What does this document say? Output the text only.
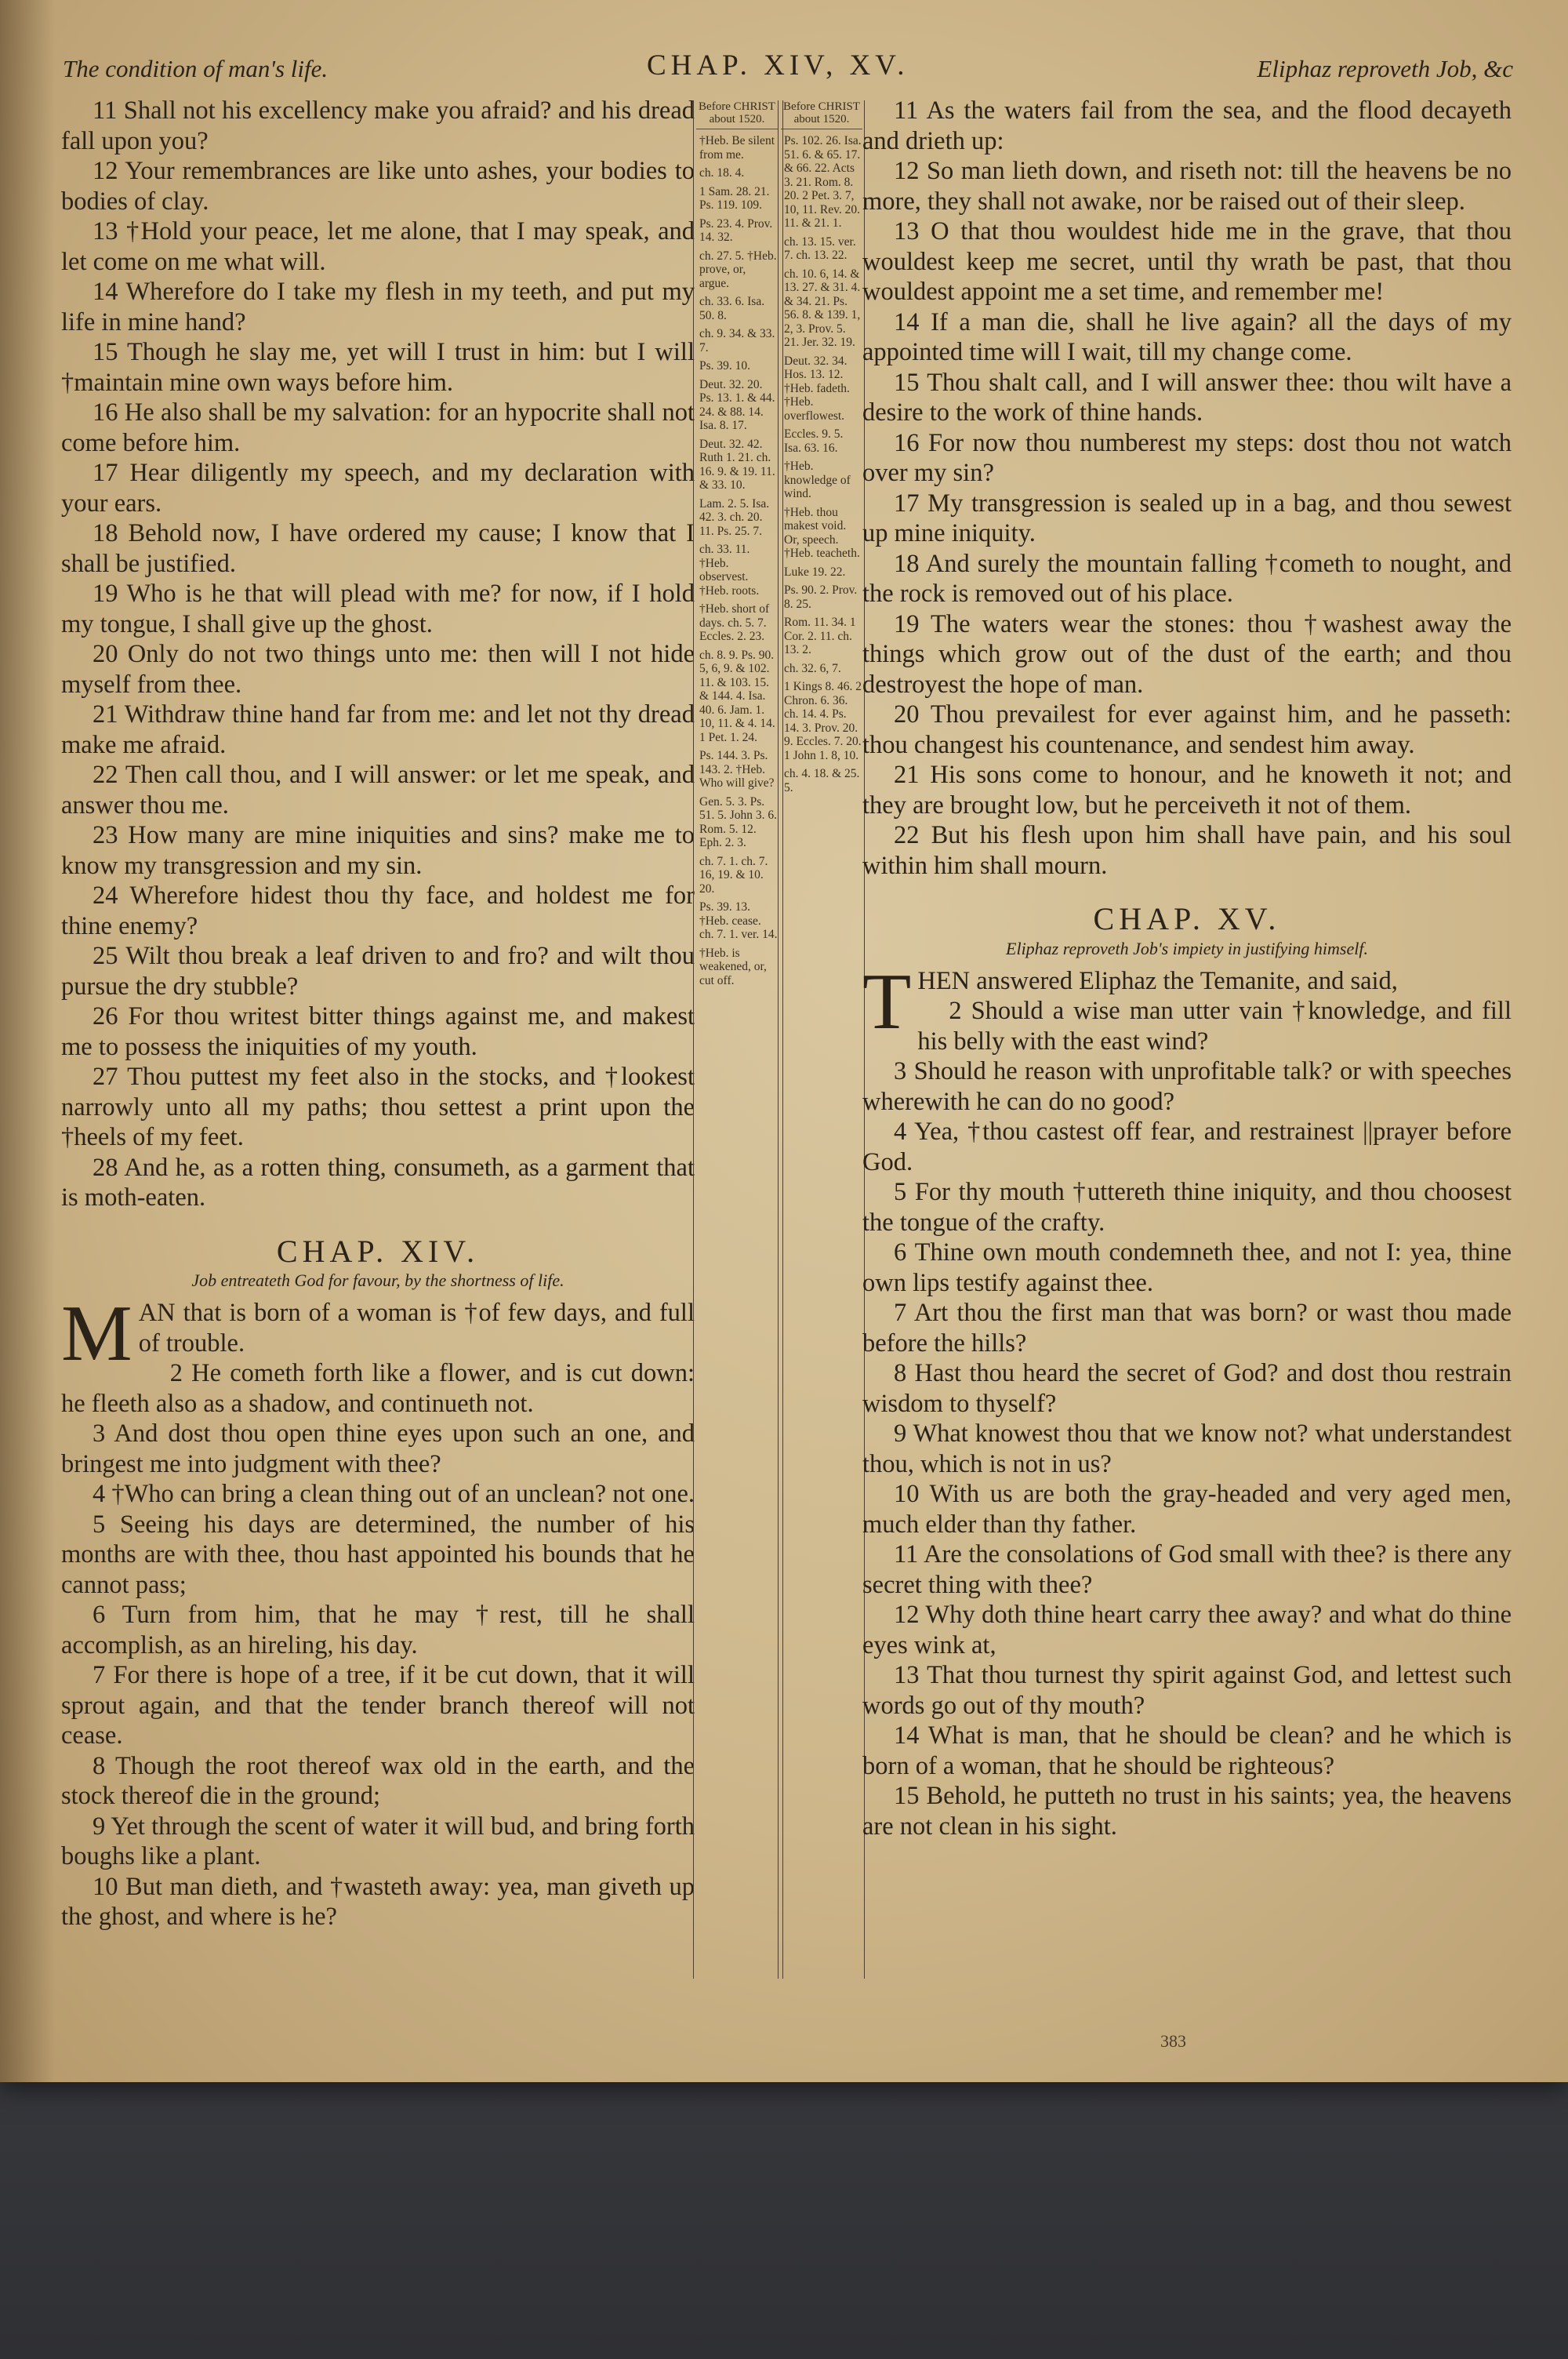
The condition of man's life.	CHAP. XIV, XV.	Eliphaz reproveth Job, &c

11 Shall not his excellency make you afraid? and his dread fall upon you?

12 Your remembrances are like unto ashes, your bodies to bodies of clay.

13 †Hold your peace, let me alone, that I may speak, and let come on me what will.

14 Wherefore do I take my flesh in my teeth, and put my life in mine hand?

15 Though he slay me, yet will I trust in him: but I will †maintain mine own ways before him.

16 He also shall be my salvation: for an hypocrite shall not come before him.

17 Hear diligently my speech, and my declaration with your ears.

18 Behold now, I have ordered my cause; I know that I shall be justified.

19 Who is he that will plead with me? for now, if I hold my tongue, I shall give up the ghost.

20 Only do not two things unto me: then will I not hide myself from thee.

21 Withdraw thine hand far from me: and let not thy dread make me afraid.

22 Then call thou, and I will answer: or let me speak, and answer thou me.

23 How many are mine iniquities and sins? make me to know my transgression and my sin.

24 Wherefore hidest thou thy face, and holdest me for thine enemy?

25 Wilt thou break a leaf driven to and fro? and wilt thou pursue the dry stubble?

26 For thou writest bitter things against me, and makest me to possess the iniquities of my youth.

27 Thou puttest my feet also in the stocks, and †lookest narrowly unto all my paths; thou settest a print upon the †heels of my feet.

28 And he, as a rotten thing, consumeth, as a garment that is moth-eaten.

CHAP. XIV.
Job entreateth God for favour, by the shortness of life.

M AN that is born of a woman is †of few days, and full of trouble.

2 He cometh forth like a flower, and is cut down: he fleeth also as a shadow, and continueth not.

3 And dost thou open thine eyes upon such an one, and bringest me into judgment with thee?

4 †Who can bring a clean thing out of an unclean? not one.

5 Seeing his days are determined, the number of his months are with thee, thou hast appointed his bounds that he cannot pass;

6 Turn from him, that he may †rest, till he shall accomplish, as an hireling, his day.

7 For there is hope of a tree, if it be cut down, that it will sprout again, and that the tender branch thereof will not cease.

8 Though the root thereof wax old in the earth, and the stock thereof die in the ground;

9 Yet through the scent of water it will bud, and bring forth boughs like a plant.

10 But man dieth, and †wasteth away: yea, man giveth up the ghost, and where is he?

Before CHRIST about 1520.
†Heb. Be silent from me.
ch. 18. 4.
1 Sam. 28. 21. Ps. 119. 109.
Ps. 23. 4. Prov. 14. 32.
ch. 27. 5. †Heb. prove, or, argue.
ch. 33. 6. Isa. 50. 8.
ch. 9. 34. & 33. 7.
Ps. 39. 10.
Deut. 32. 20. Ps. 13. 1. & 44. 24. & 88. 14. Isa. 8. 17.
Deut. 32. 42. Ruth 1. 21. ch. 16. 9. & 19. 11. & 33. 10.
Lam. 2. 5. Isa. 42. 3. ch. 20. 11. Ps. 25. 7.
ch. 33. 11. †Heb. observest. †Heb. roots.
†Heb. short of days. ch. 5. 7. Eccles. 2. 23.
ch. 8. 9. Ps. 90. 5, 6, 9. & 102. 11. & 103. 15. & 144. 4. Isa. 40. 6. Jam. 1. 10, 11. & 4. 14. 1 Pet. 1. 24.
Ps. 144. 3. Ps. 143. 2. †Heb. Who will give?
Gen. 5. 3. Ps. 51. 5. John 3. 6. Rom. 5. 12. Eph. 2. 3.
ch. 7. 1. ch. 7. 16, 19. & 10. 20.
Ps. 39. 13. †Heb. cease. ch. 7. 1. ver. 14.
†Heb. is weakened, or, cut off.
Before CHRIST about 1520.
Ps. 102. 26. Isa. 51. 6. & 65. 17. & 66. 22. Acts 3. 21. Rom. 8. 20. 2 Pet. 3. 7, 10, 11. Rev. 20. 11. & 21. 1.
ch. 13. 15. ver. 7. ch. 13. 22.
ch. 10. 6, 14. & 13. 27. & 31. 4. & 34. 21. Ps. 56. 8. & 139. 1, 2, 3. Prov. 5. 21. Jer. 32. 19.
Deut. 32. 34. Hos. 13. 12. †Heb. fadeth. †Heb. overflowest.
Eccles. 9. 5. Isa. 63. 16.
†Heb. knowledge of wind.
†Heb. thou makest void. Or, speech. †Heb. teacheth.
Luke 19. 22.
Ps. 90. 2. Prov. 8. 25.
Rom. 11. 34. 1 Cor. 2. 11. ch. 13. 2.
ch. 32. 6, 7.
1 Kings 8. 46. 2 Chron. 6. 36. ch. 14. 4. Ps. 14. 3. Prov. 20. 9. Eccles. 7. 20. 1 John 1. 8, 10.
ch. 4. 18. & 25. 5.

11 As the waters fail from the sea, and the flood decayeth and drieth up:

12 So man lieth down, and riseth not: till the heavens be no more, they shall not awake, nor be raised out of their sleep.

13 O that thou wouldest hide me in the grave, that thou wouldest keep me secret, until thy wrath be past, that thou wouldest appoint me a set time, and remember me!

14 If a man die, shall he live again? all the days of my appointed time will I wait, till my change come.

15 Thou shalt call, and I will answer thee: thou wilt have a desire to the work of thine hands.

16 For now thou numberest my steps: dost thou not watch over my sin?

17 My transgression is sealed up in a bag, and thou sewest up mine iniquity.

18 And surely the mountain falling †cometh to nought, and the rock is removed out of his place.

19 The waters wear the stones: thou †washest away the things which grow out of the dust of the earth; and thou destroyest the hope of man.

20 Thou prevailest for ever against him, and he passeth: thou changest his countenance, and sendest him away.

21 His sons come to honour, and he knoweth it not; and they are brought low, but he perceiveth it not of them.

22 But his flesh upon him shall have pain, and his soul within him shall mourn.

CHAP. XV.
Eliphaz reproveth Job's impiety in justifying himself.

T HEN answered Eliphaz the Temanite, and said,

2 Should a wise man utter vain †knowledge, and fill his belly with the east wind?

3 Should he reason with unprofitable talk? or with speeches wherewith he can do no good?

4 Yea, †thou castest off fear, and restrainest ||prayer before God.

5 For thy mouth †uttereth thine iniquity, and thou choosest the tongue of the crafty.

6 Thine own mouth condemneth thee, and not I: yea, thine own lips testify against thee.

7 Art thou the first man that was born? or wast thou made before the hills?

8 Hast thou heard the secret of God? and dost thou restrain wisdom to thyself?

9 What knowest thou that we know not? what understandest thou, which is not in us?

10 With us are both the gray-headed and very aged men, much elder than thy father.

11 Are the consolations of God small with thee? is there any secret thing with thee?

12 Why doth thine heart carry thee away? and what do thine eyes wink at,

13 That thou turnest thy spirit against God, and lettest such words go out of thy mouth?

14 What is man, that he should be clean? and he which is born of a woman, that he should be righteous?

15 Behold, he putteth no trust in his saints; yea, the heavens are not clean in his sight.

383
